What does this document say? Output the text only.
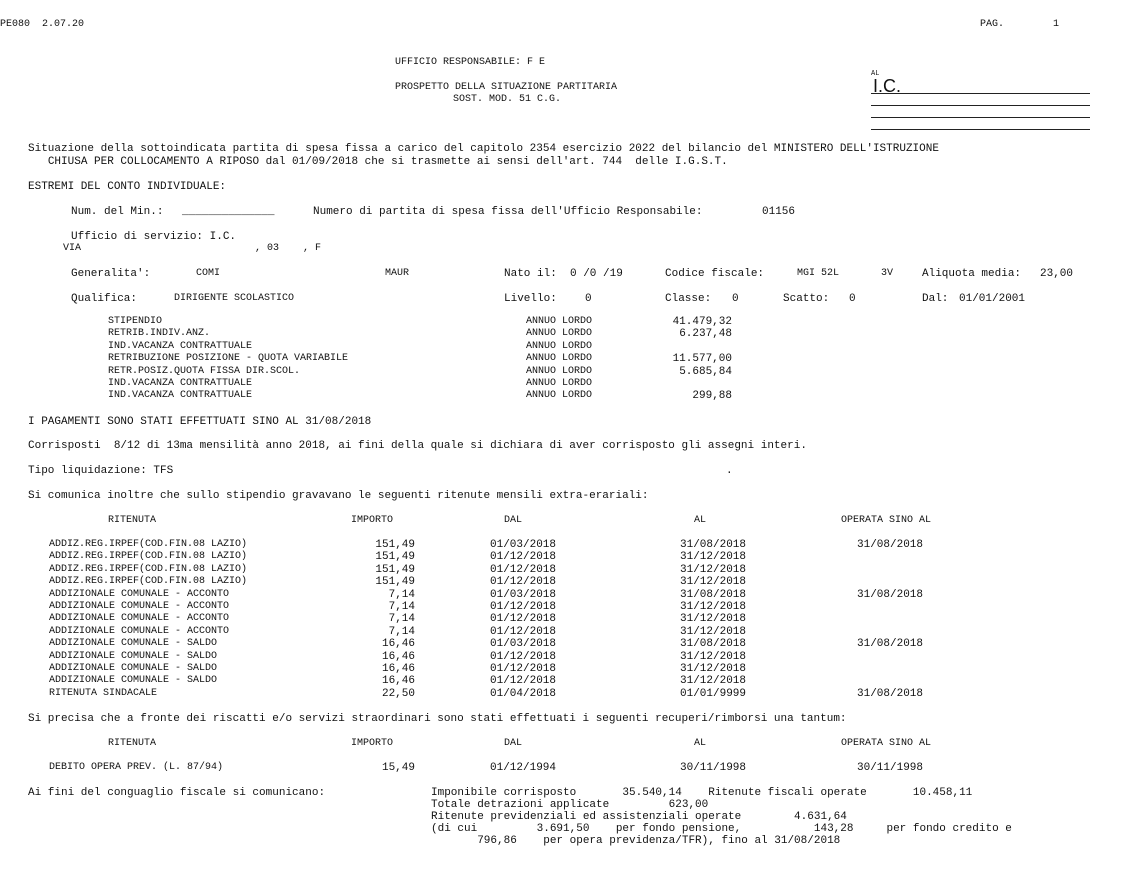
PE080  2.07.20	PAG.	1
UFFICIO RESPONSABILE: F E
PROSPETTO DELLA SITUAZIONE PARTITARIA
SOST. MOD. 51 C.G.
AL
I.C.
Situazione della sottoindicata partita di spesa fissa a carico del capitolo 2354 esercizio 2022 del bilancio del MINISTERO DELL'ISTRUZIONE
CHIUSA PER COLLOCAMENTO A RIPOSO dal 01/09/2018 che si trasmette ai sensi dell'art. 744  delle I.G.S.T.
ESTREMI DEL CONTO INDIVIDUALE:
Num. del Min.: ______________	Numero di partita di spesa fissa dell'Ufficio Responsabile:	01156
Ufficio di servizio: I.C.
VIA                             , 03    , F
Generalita':	COMI	MAUR	Nato il: 0 /0 /19	Codice fiscale:	MGI 52L       3V	Aliquota media: 23,00
Qualifica:	DIRIGENTE SCOLASTICO	Livello:	0	Classe: 0	Scatto: 0	Dal: 01/01/2001
STIPENDIO	ANNUO LORDO	41.479,32
RETRIB.INDIV.ANZ.	ANNUO LORDO	6.237,48
IND.VACANZA CONTRATTUALE	ANNUO LORDO
RETRIBUZIONE POSIZIONE - QUOTA VARIABILE	ANNUO LORDO	11.577,00
RETR.POSIZ.QUOTA FISSA DIR.SCOL.	ANNUO LORDO	5.685,84
IND.VACANZA CONTRATTUALE	ANNUO LORDO
IND.VACANZA CONTRATTUALE	ANNUO LORDO	299,88
I PAGAMENTI SONO STATI EFFETTUATI SINO AL 31/08/2018
Corrisposti  8/12 di 13ma mensilità anno 2018, ai fini della quale si dichiara di aver corrisposto gli assegni interi.
Tipo liquidazione: TFS	.
Si comunica inoltre che sullo stipendio gravavano le seguenti ritenute mensili extra-erariali:
RITENUTA	IMPORTO	DAL	AL	OPERATA SINO AL
ADDIZ.REG.IRPEF(COD.FIN.08 LAZIO)	151,49	01/03/2018	31/08/2018	31/08/2018
ADDIZ.REG.IRPEF(COD.FIN.08 LAZIO)	151,49	01/12/2018	31/12/2018
ADDIZ.REG.IRPEF(COD.FIN.08 LAZIO)	151,49	01/12/2018	31/12/2018
ADDIZ.REG.IRPEF(COD.FIN.08 LAZIO)	151,49	01/12/2018	31/12/2018
ADDIZIONALE COMUNALE - ACCONTO	7,14	01/03/2018	31/08/2018	31/08/2018
ADDIZIONALE COMUNALE - ACCONTO	7,14	01/12/2018	31/12/2018
ADDIZIONALE COMUNALE - ACCONTO	7,14	01/12/2018	31/12/2018
ADDIZIONALE COMUNALE - ACCONTO	7,14	01/12/2018	31/12/2018
ADDIZIONALE COMUNALE - SALDO	16,46	01/03/2018	31/08/2018	31/08/2018
ADDIZIONALE COMUNALE - SALDO	16,46	01/12/2018	31/12/2018
ADDIZIONALE COMUNALE - SALDO	16,46	01/12/2018	31/12/2018
ADDIZIONALE COMUNALE - SALDO	16,46	01/12/2018	31/12/2018
RITENUTA SINDACALE	22,50	01/04/2018	01/01/9999	31/08/2018
Si precisa che a fronte dei riscatti e/o servizi straordinari sono stati effettuati i seguenti recuperi/rimborsi una tantum:
RITENUTA	IMPORTO	DAL	AL	OPERATA SINO AL
DEBITO OPERA PREV. (L. 87/94)	15,49	01/12/1994	30/11/1998	30/11/1998
Ai fini del conguaglio fiscale si comunicano:	Imponibile corrisposto       35.540,14    Ritenute fiscali operate       10.458,11
Totale detrazioni applicate         623,00
Ritenute previdenziali ed assistenziali operate        4.631,64
(di cui         3.691,50    per fondo pensione,           143,28     per fondo credito e
796,86    per opera previdenza/TFR), fino al 31/08/2018
